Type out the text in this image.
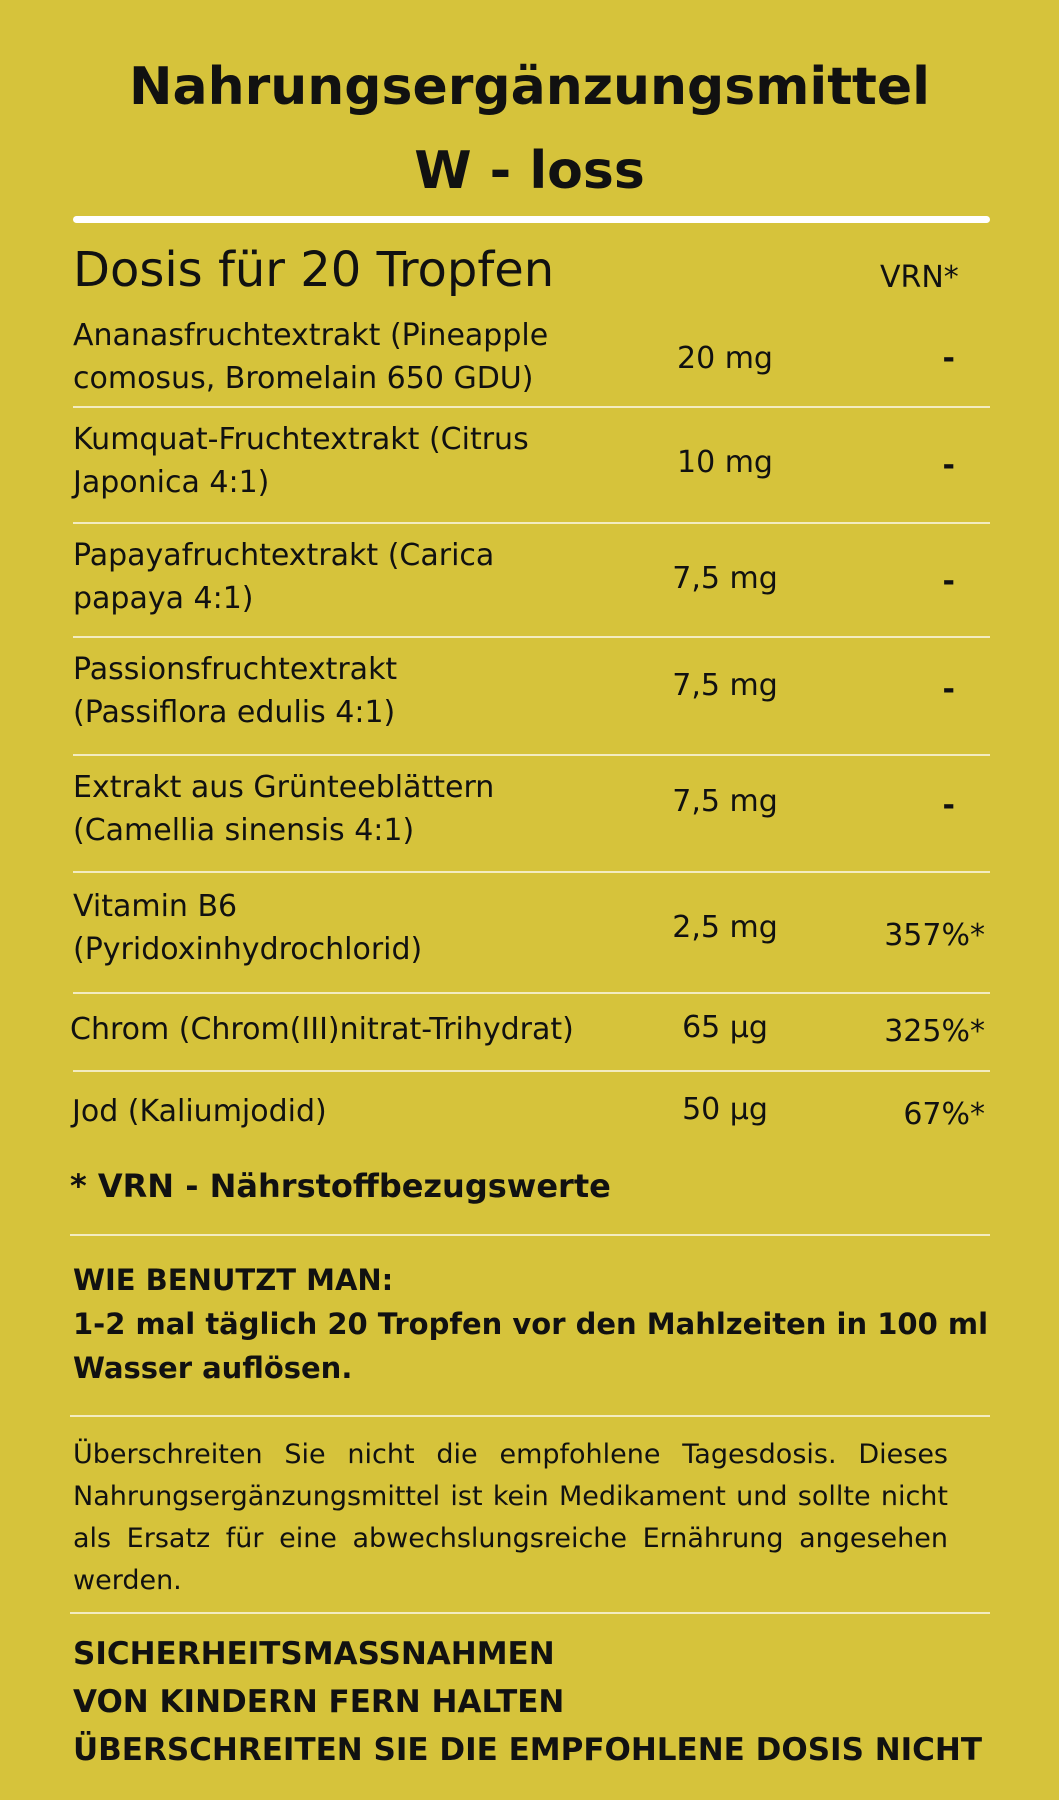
Nahrungsergänzungsmittel
W - loss
Dosis für 20 Tropfen	VRN*
Ananasfruchtextrakt (Pineapple
comosus, Bromelain 650 GDU)
20 mg	-
Kumquat-Fruchtextrakt (Citrus
Japonica 4:1)
10 mg	-
Papayafruchtextrakt (Carica
papaya 4:1)
7,5 mg	-
Passionsfruchtextrakt
(Passiflora edulis 4:1)
7,5 mg	-
Extrakt aus Grünteeblättern
(Camellia sinensis 4:1)
7,5 mg	-
Vitamin B6
(Pyridoxinhydrochlorid)
2,5 mg	357%*
Chrom (Chrom(III)nitrat-Trihydrat)	65 µg	325%*
Jod (Kaliumjodid)	50 µg	67%*
* VRN - Nährstoffbezugswerte
WIE BENUTZT MAN:
1-2 mal täglich 20 Tropfen vor den Mahlzeiten in 100 ml
Wasser auflösen.
Überschreiten Sie nicht die empfohlene Tagesdosis. Dieses Nahrungsergänzungsmittel ist kein Medikament und sollte nicht als Ersatz für eine abwechslungsreiche Ernährung angesehen werden.
SICHERHEITSMASSNAHMEN
VON KINDERN FERN HALTEN
ÜBERSCHREITEN SIE DIE EMPFOHLENE DOSIS NICHT
